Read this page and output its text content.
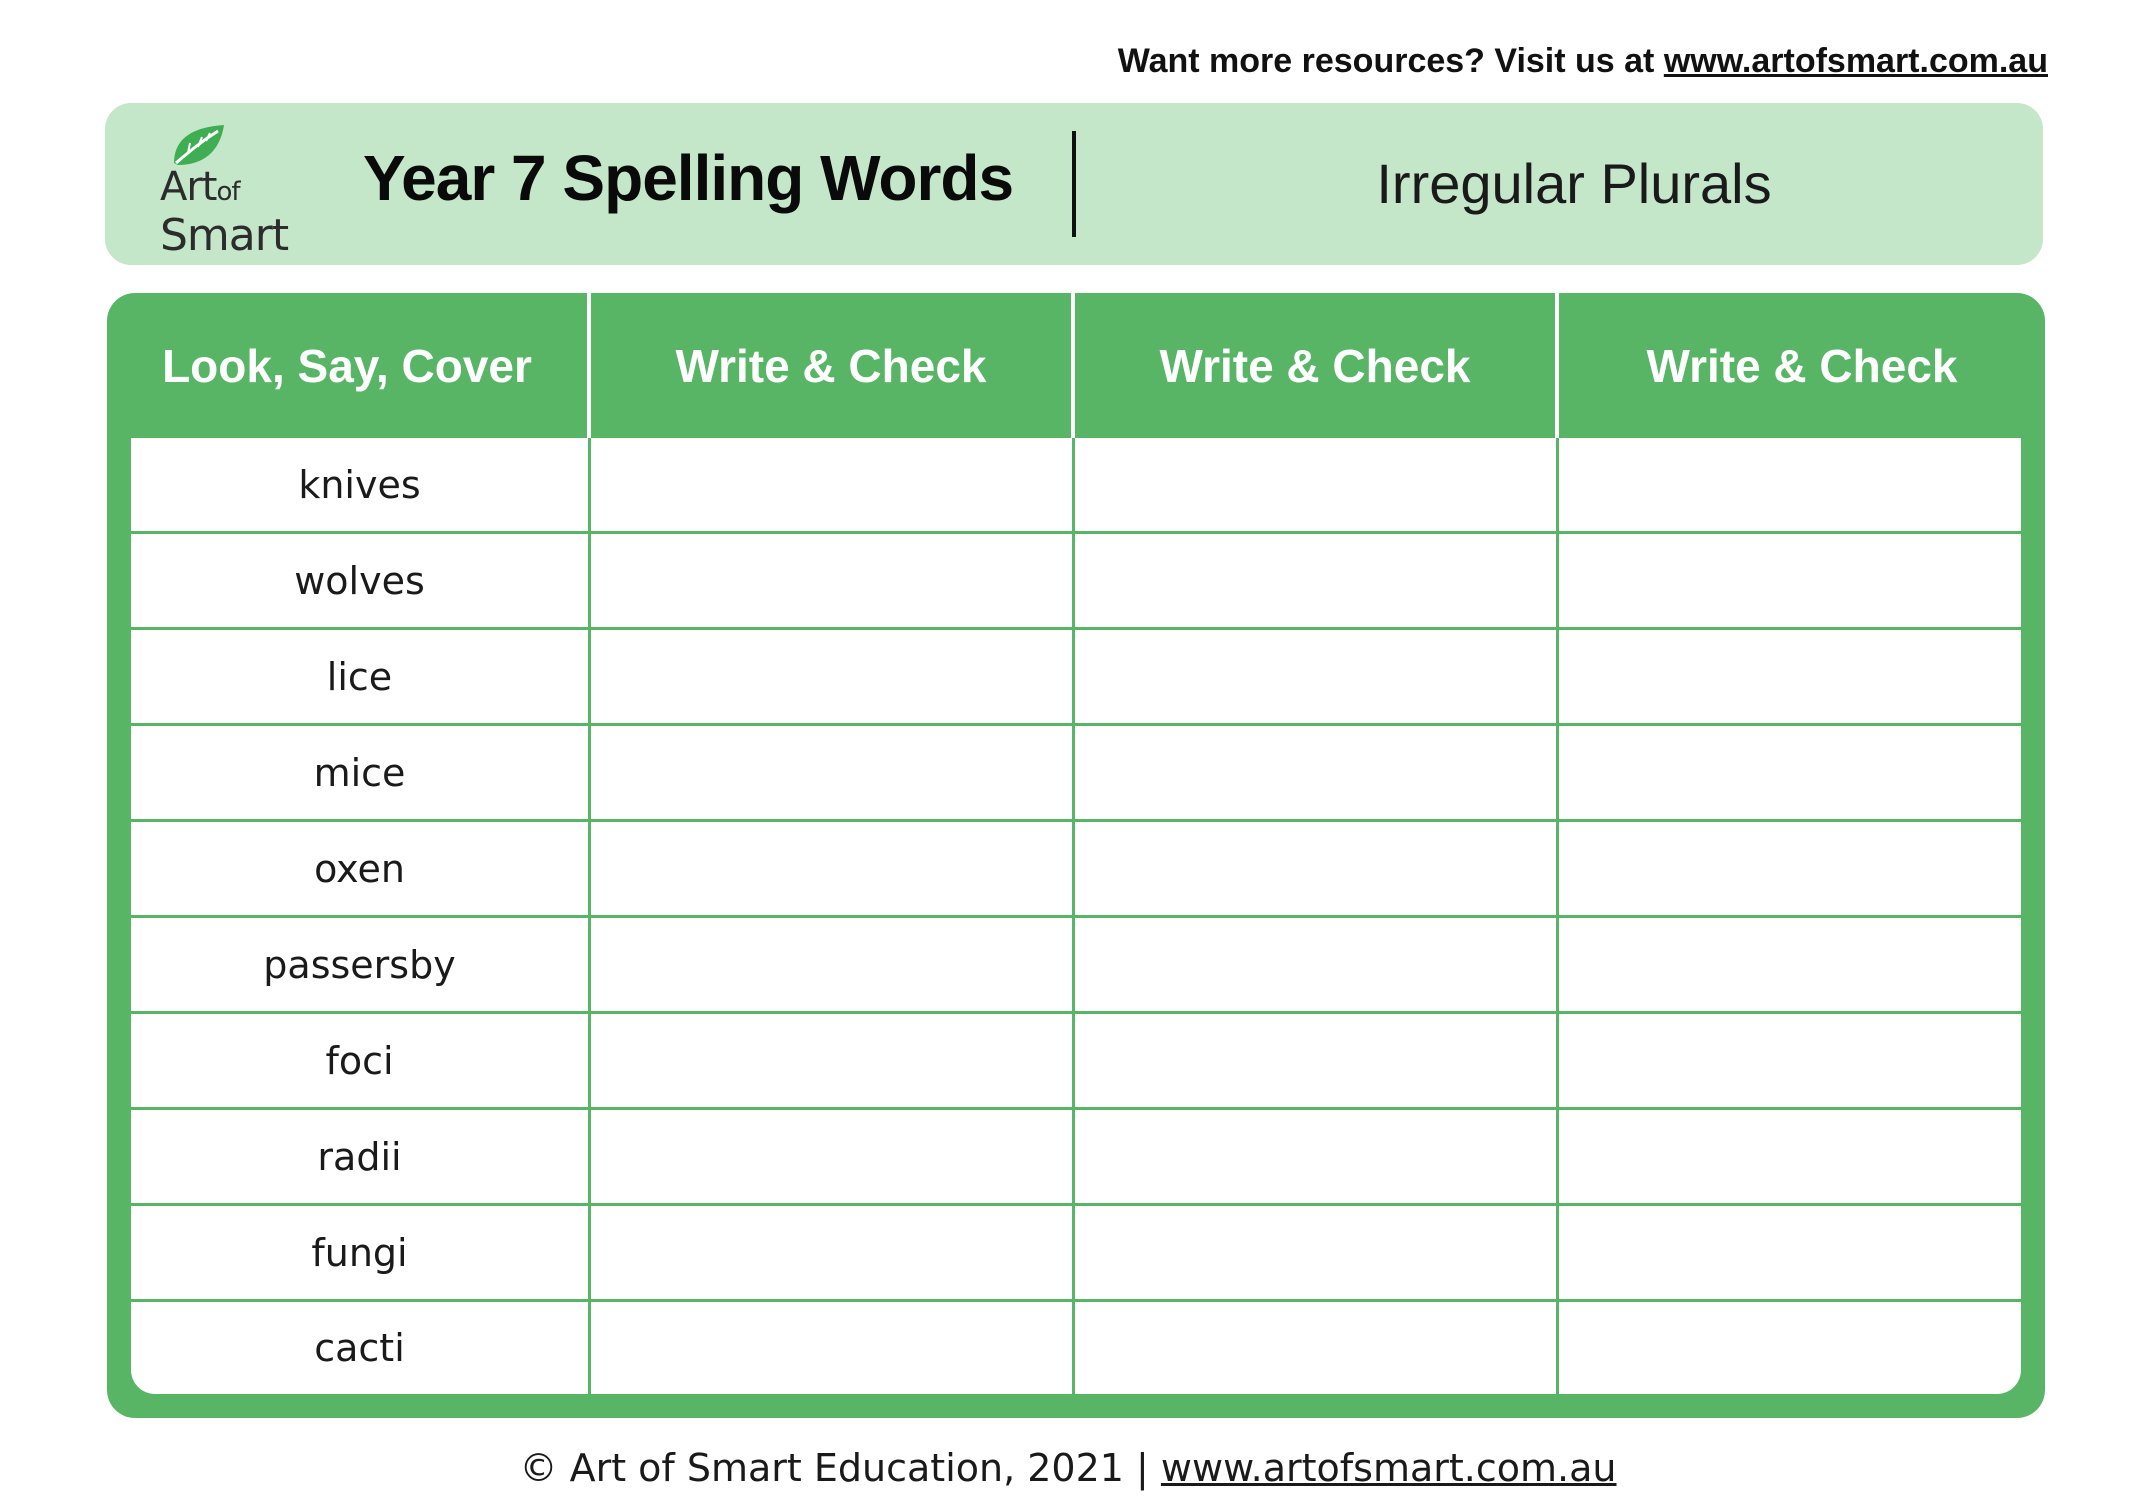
Want more resources? Visit us at www.artofsmart.com.au
Artof
Smart
Year 7 Spelling Words	Irregular Plurals
Look, Say, Cover	Write & Check	Write & Check	Write & Check
knives
wolves
lice
mice
oxen
passersby
foci
radii
fungi
cacti
© Art of Smart Education, 2021 | www.artofsmart.com.au
